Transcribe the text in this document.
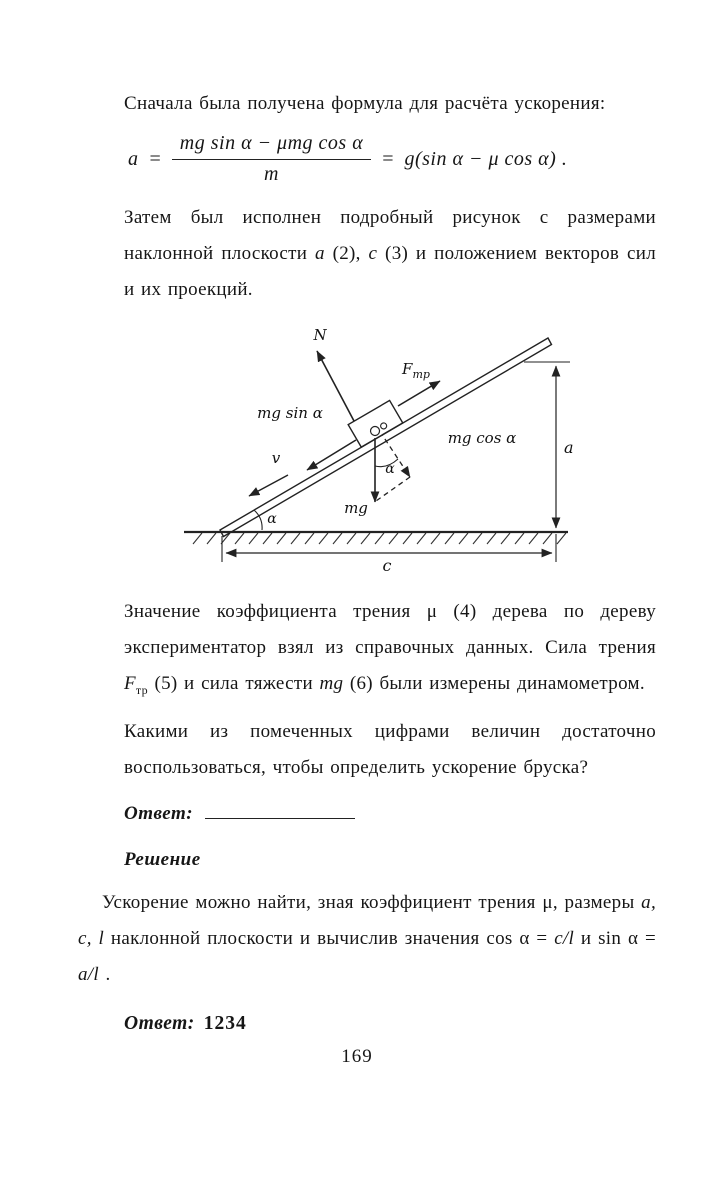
Сначала была получена формула для расчёта ускорения:

$a = \frac{\text{mg sin α − μmg cos α}}{m} = g(\sin$ α − μ cos α) .

Затем был исполнен подробный рисунок с размерами наклонной плоскости a (2), c (3) и положением векторов сил и их проекций.

N
$F_{тр}$
mg sin α
mg cos α
mg
v
α
α
a
c

Значение коэффициента трения μ (4) дерева по дереву экспериментатор взял из справочных данных. Сила трения $F_{тр}$ (5) и сила тяжести mg (6) были измерены динамометром.

Какими из помеченных цифрами величин достаточно воспользоваться, чтобы определить ускорение бруска?

Ответ:
Решение

Ускорение можно найти, зная коэффициент трения μ, размеры a, c, l наклонной плоскости и вычислив значения cos α = c/l и sin α = a/l .

Ответ: 1234
169
